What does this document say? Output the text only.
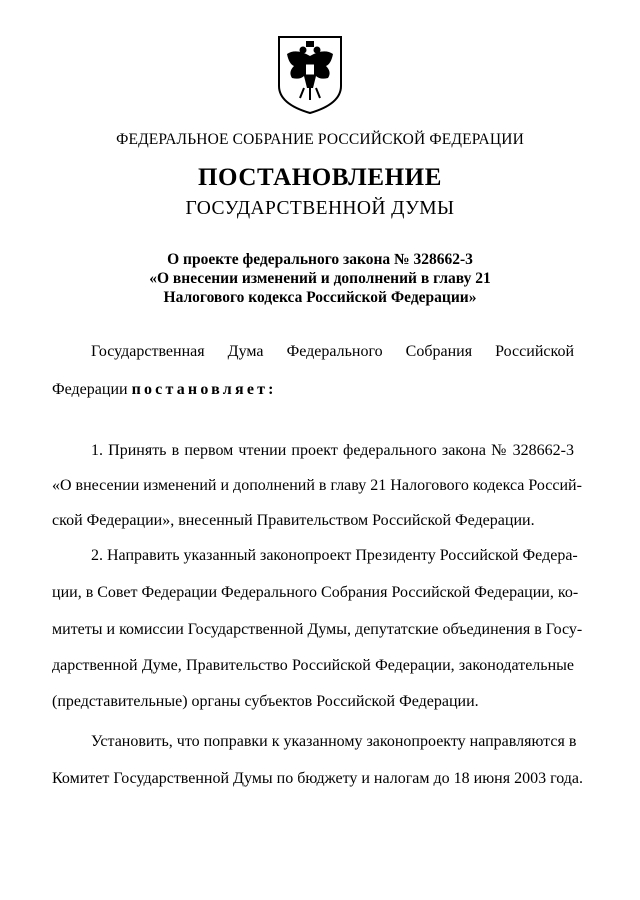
ФЕДЕРАЛЬНОЕ СОБРАНИЕ РОССИЙСКОЙ ФЕДЕРАЦИИ
ПОСТАНОВЛЕНИЕ
ГОСУДАРСТВЕННОЙ ДУМЫ
О проекте федерального закона № 328662-3
«О внесении изменений и дополнений в главу 21
Налогового кодекса Российской Федерации»
Государственная Дума Федерального Собрания Российской
Федерации постановляет:
1. Принять в первом чтении проект федерального закона № 328662-3
«О внесении изменений и дополнений в главу 21 Налогового кодекса Россий-
ской Федерации», внесенный Правительством Российской Федерации.
2. Направить указанный законопроект Президенту Российской Федера-
ции, в Совет Федерации Федерального Собрания Российской Федерации, ко-
митеты и комиссии Государственной Думы, депутатские объединения в Госу-
дарственной Думе, Правительство Российской Федерации, законодательные
(представительные) органы субъектов Российской Федерации.
Установить, что поправки к указанному законопроекту направляются в
Комитет Государственной Думы по бюджету и налогам до 18 июня 2003 года.
